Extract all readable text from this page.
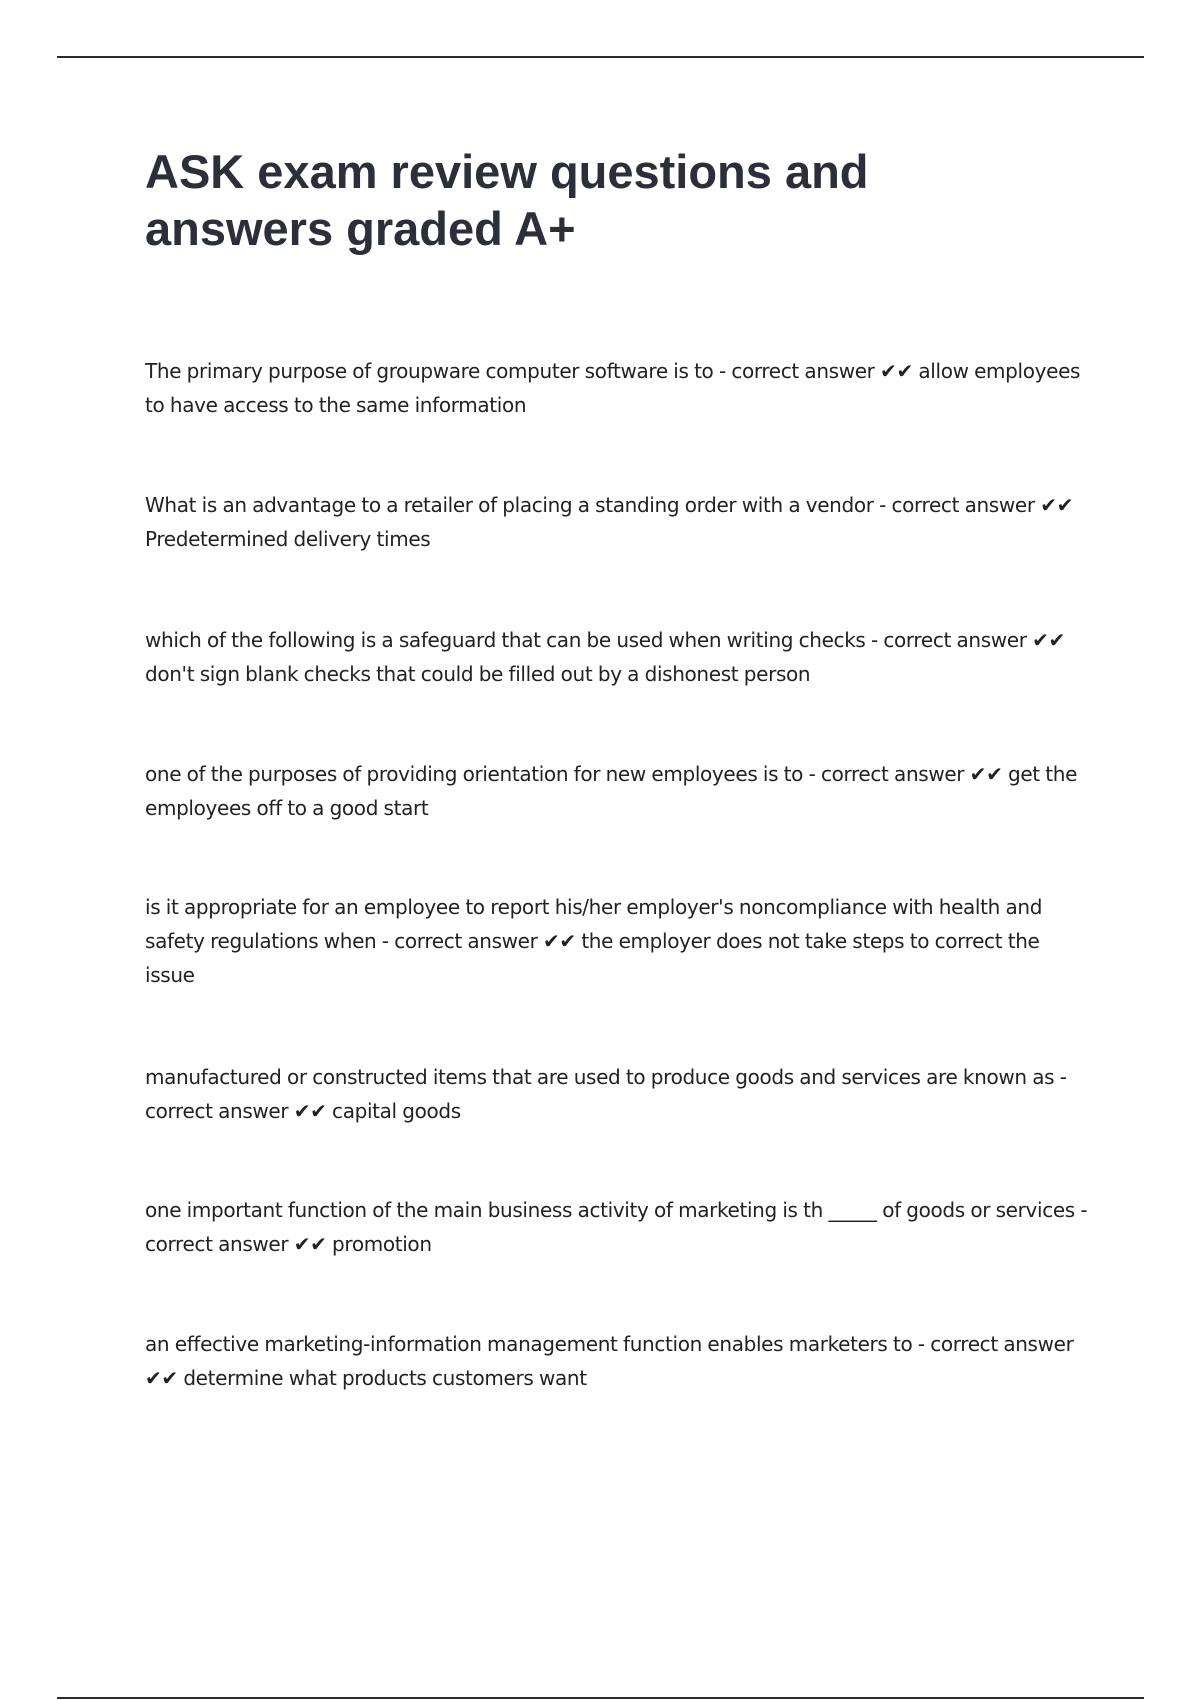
ASK exam review questions and answers graded A+

The primary purpose of groupware computer software is to - correct answer ✔✔ allow employees to have access to the same information

What is an advantage to a retailer of placing a standing order with a vendor - correct answer ✔✔ Predetermined delivery times

which of the following is a safeguard that can be used when writing checks - correct answer ✔✔ don't sign blank checks that could be filled out by a dishonest person

one of the purposes of providing orientation for new employees is to - correct answer ✔✔ get the employees off to a good start

is it appropriate for an employee to report his/her employer's noncompliance with health and safety regulations when - correct answer ✔✔ the employer does not take steps to correct the issue

manufactured or constructed items that are used to produce goods and services are known as - correct answer ✔✔ capital goods

one important function of the main business activity of marketing is th _____ of goods or services - correct answer ✔✔ promotion

an effective marketing-information management function enables marketers to - correct answer ✔✔ determine what products customers want
